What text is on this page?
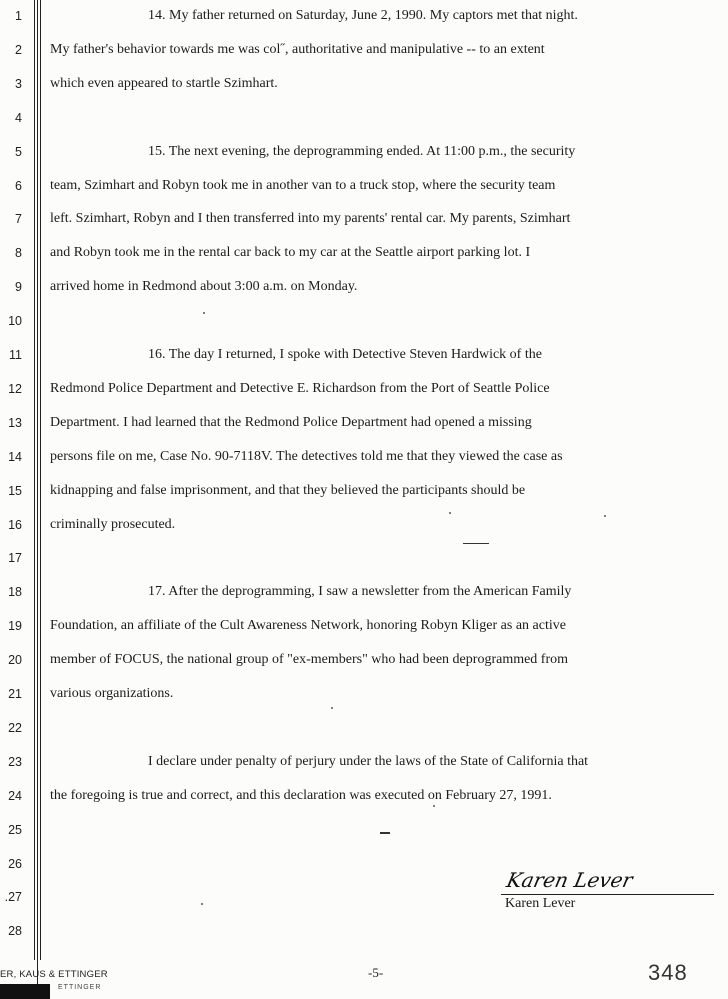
1
2
3
4
5
6
7
8
9
10
11
12
13
14
15
16
17
18
19
20
21
22
23
24
25
26
.27
28
14. My father returned on Saturday, June 2, 1990. My captors met that night.
My father's behavior towards me was col˝, authoritative and manipulative -- to an extent
which even appeared to startle Szimhart.
15. The next evening, the deprogramming ended. At 11:00 p.m., the security
team, Szimhart and Robyn took me in another van to a truck stop, where the security team
left. Szimhart, Robyn and I then transferred into my parents' rental car. My parents, Szimhart
and Robyn took me in the rental car back to my car at the Seattle airport parking lot. I
arrived home in Redmond about 3:00 a.m. on Monday.
16. The day I returned, I spoke with Detective Steven Hardwick of the
Redmond Police Department and Detective E. Richardson from the Port of Seattle Police
Department. I had learned that the Redmond Police Department had opened a missing
persons file on me, Case No. 90-7118V. The detectives told me that they viewed the case as
kidnapping and false imprisonment, and that they believed the participants should be
criminally prosecuted.
17. After the deprogramming, I saw a newsletter from the American Family
Foundation, an affiliate of the Cult Awareness Network, honoring Robyn Kliger as an active
member of FOCUS, the national group of "ex-members" who had been deprogrammed from
various organizations.
I declare under penalty of perjury under the laws of the State of California that
the foregoing is true and correct, and this declaration was executed on February 27, 1991.
Karen Lever
Karen Lever
ER, KAUS & ETTINGER
ETTINGER
-5-	348
